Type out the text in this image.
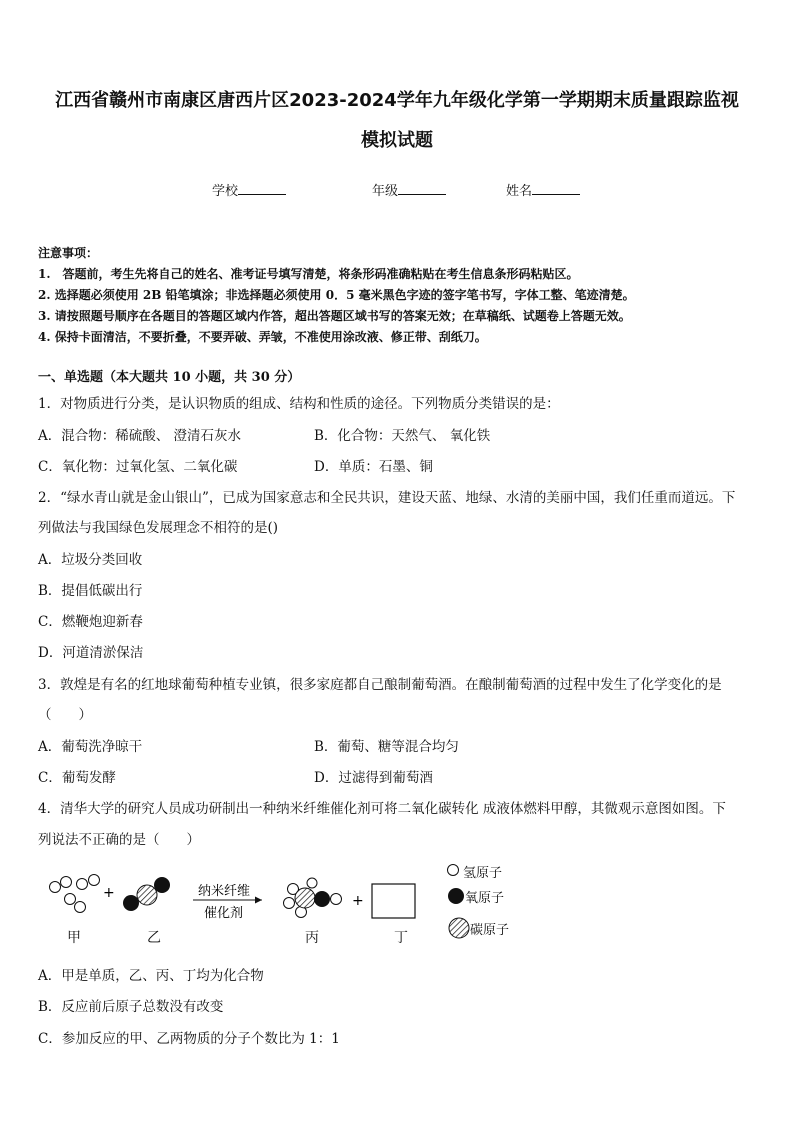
江西省赣州市南康区唐西片区2023-2024学年九年级化学第一学期期末质量跟踪监视
模拟试题
学校	年级	姓名
注意事项：
1.　答题前，考生先将自己的姓名、准考证号填写清楚，将条形码准确粘贴在考生信息条形码粘贴区。
2. 选择题必须使用 2B 铅笔填涂；非选择题必须使用 0．5 毫米黑色字迹的签字笔书写，字体工整、笔迹清楚。
3. 请按照题号顺序在各题目的答题区域内作答，超出答题区域书写的答案无效；在草稿纸、试题卷上答题无效。
4. 保持卡面清洁，不要折叠，不要弄破、弄皱，不准使用涂改液、修正带、刮纸刀。
一、单选题（本大题共 10 小题，共 30 分）
1．对物质进行分类，是认识物质的组成、结构和性质的途径。下列物质分类错误的是：
A．混合物：稀硫酸、 澄清石灰水	B．化合物：天然气、 氧化铁
C．氧化物：过氧化氢、二氧化碳	D．单质：石墨、铜
2．“绿水青山就是金山银山”，已成为国家意志和全民共识，建设天蓝、地绿、水清的美丽中国，我们任重而道远。下
列做法与我国绿色发展理念不相符的是()
A．垃圾分类回收
B．提倡低碳出行
C．燃鞭炮迎新春
D．河道清淤保洁
3．敦煌是有名的红地球葡萄种植专业镇，很多家庭都自己酿制葡萄酒。在酿制葡萄酒的过程中发生了化学变化的是
（　　）
A．葡萄洗净晾干	B．葡萄、糖等混合均匀
C．葡萄发酵	D．过滤得到葡萄酒
4．清华大学的研究人员成功研制出一种纳米纤维催化剂可将二氧化碳转化 成液体燃料甲醇，其微观示意图如图。下
列说法不正确的是（　　）
+	纳米纤维
催化剂
+
氢原子
氧原子
碳原子
甲	乙	丙	丁
A．甲是单质，乙、丙、丁均为化合物
B．反应前后原子总数没有改变
C．参加反应的甲、乙两物质的分子个数比为 1：1
